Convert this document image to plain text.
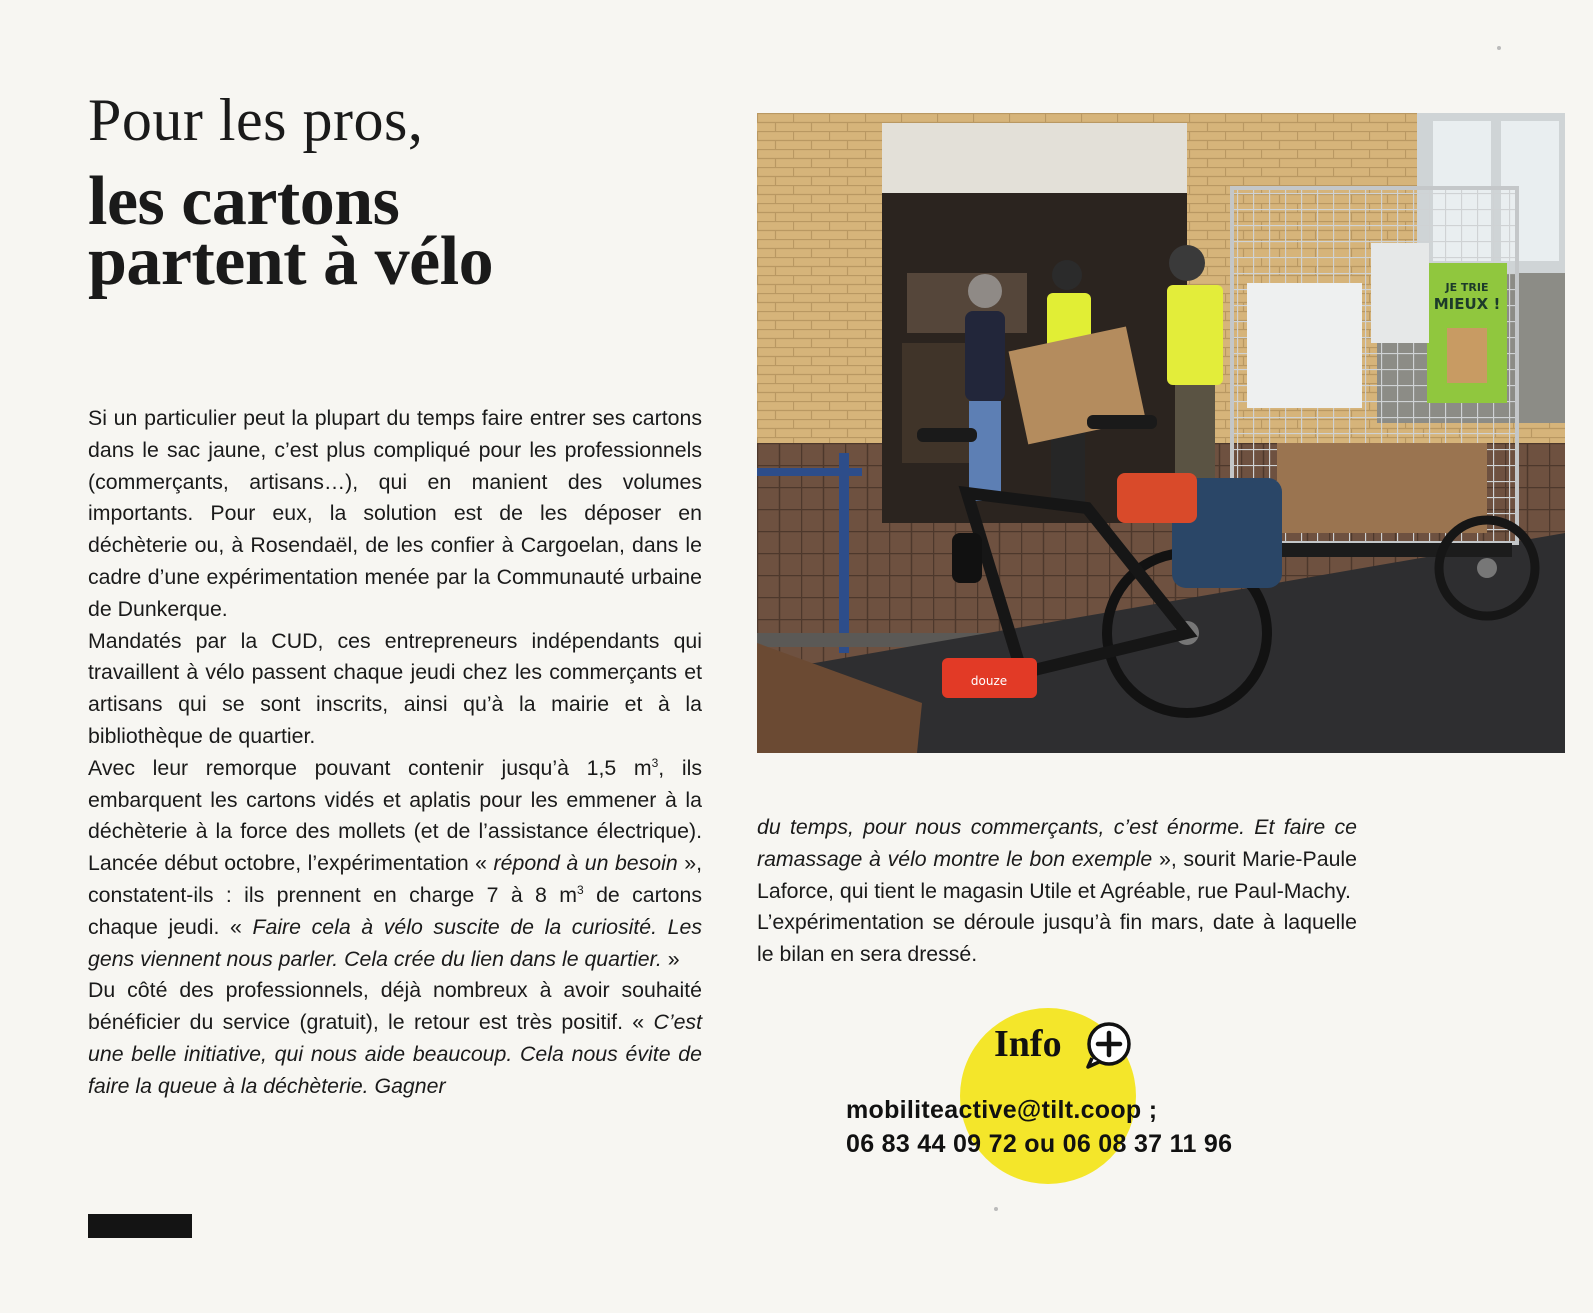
Pour les pros,
les cartons
partent à vélo

Si un particulier peut la plupart du temps faire entrer ses cartons dans le sac jaune, c’est plus compliqué pour les professionnels (commerçants, artisans…), qui en manient des volumes importants. Pour eux, la solution est de les déposer en déchèterie ou, à Rosendaël, de les confier à Cargoelan, dans le cadre d’une expérimentation menée par la Communauté urbaine de Dunkerque.

Mandatés par la CUD, ces entrepreneurs indépendants qui travaillent à vélo passent chaque jeudi chez les commerçants et artisans qui se sont inscrits, ainsi qu’à la mairie et à la bibliothèque de quartier.

Avec leur remorque pouvant contenir jusqu’à 1,5 $m^3$, ils embarquent les cartons vidés et aplatis pour les emmener à la déchèterie à la force des mollets (et de l’assistance électrique). Lancée début octobre, l’expérimentation « répond à un besoin », constatent-ils : ils prennent en charge 7 à 8 $m^3$ de cartons chaque jeudi. « Faire cela à vélo suscite de la curiosité. Les gens viennent nous parler. Cela crée du lien dans le quartier. »

Du côté des professionnels, déjà nombreux à avoir souhaité bénéficier du service (gratuit), le retour est très positif. « C’est une belle initiative, qui nous aide beaucoup. Cela nous évite de faire la queue à la déchèterie. Gagner

JE TRIE
MIEUX !
douze

du temps, pour nous commerçants, c’est énorme. Et faire ce ramassage à vélo montre le bon exemple », sourit Marie-Paule Laforce, qui tient le magasin Utile et Agréable, rue Paul-Machy.

L’expérimentation se déroule jusqu’à fin mars, date à laquelle le bilan en sera dressé.

Info
mobiliteactive@tilt.coop ;
06 83 44 09 72 ou 06 08 37 11 96
